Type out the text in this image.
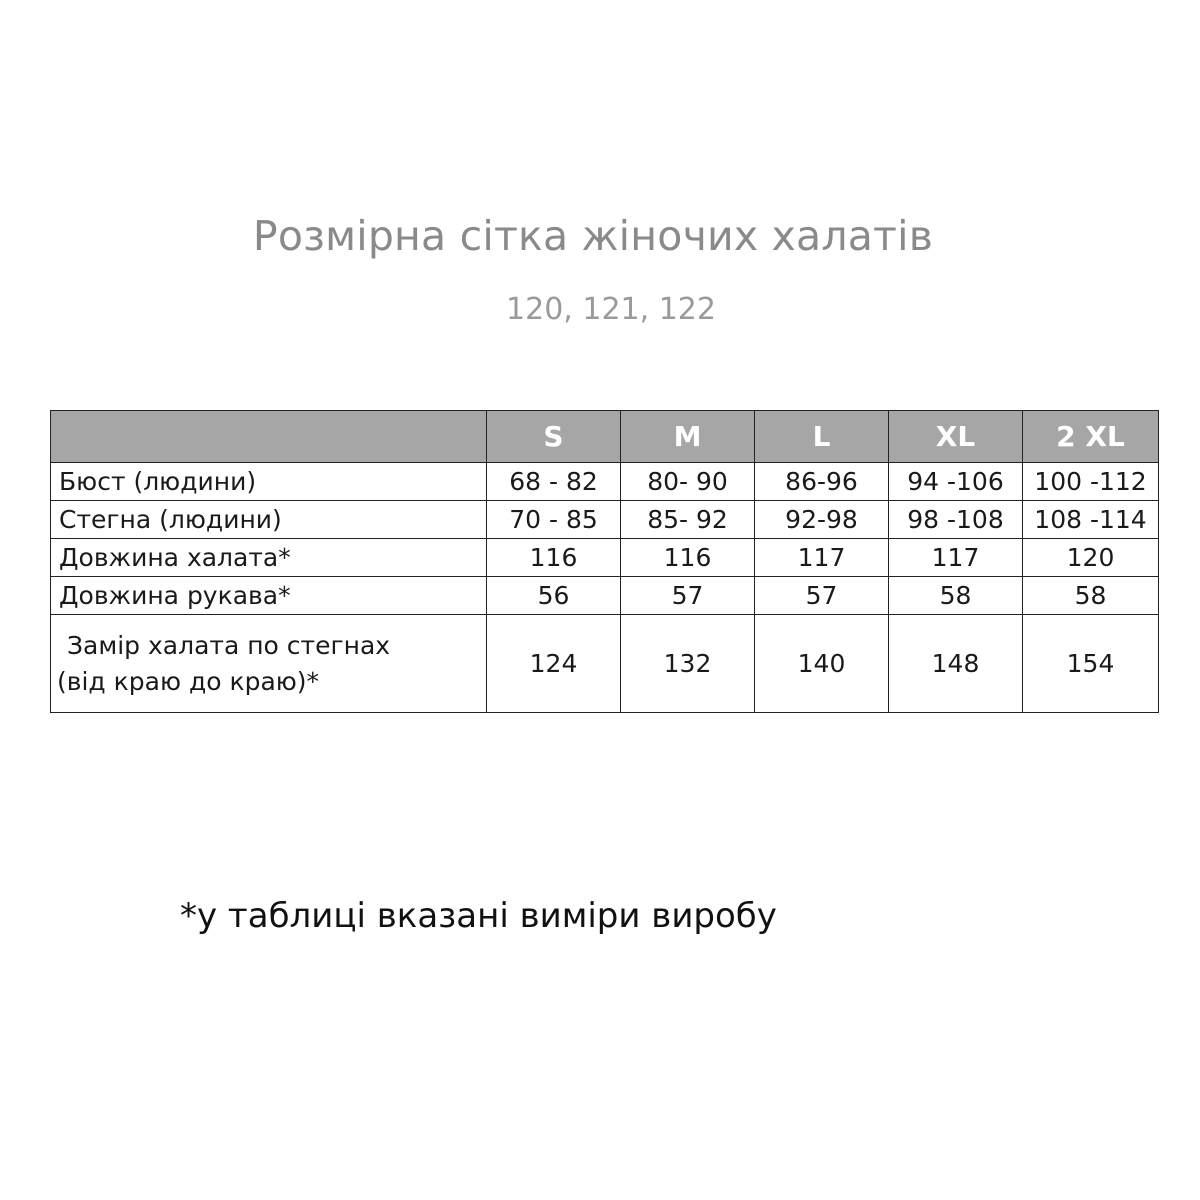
Розмірна сітка жіночих халатів
120, 121, 122
	S	M	L	XL	2 XL
Бюст (людини)	68 - 82	80- 90	86-96	94 -106	100 -112
Стегна (людини)	70 - 85	85- 92	92-98	98 -108	108 -114
Довжина халата*	116	116	117	117	120
Довжина рукава*	56	57	57	58	58

Замір халата по стегнах
(від краю до краю)*	124	132	140	148	154
*у таблиці вказані виміри виробу
